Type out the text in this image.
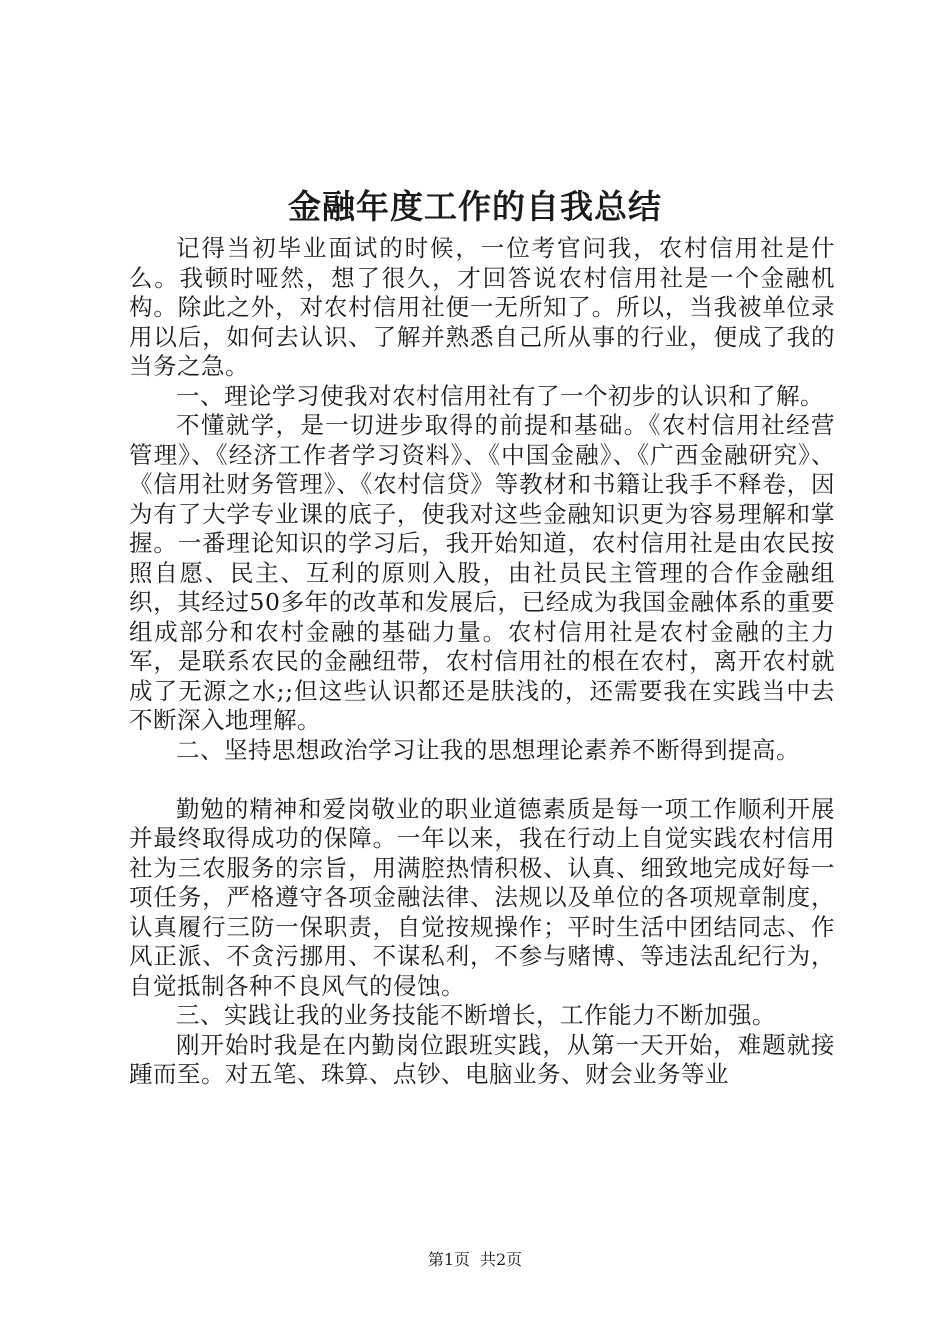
金融年度工作的自我总结

记得当初毕业面试的时候，一位考官问我，农村信用社是什么。我顿时哑然，想了很久，才回答说农村信用社是一个金融机构。除此之外，对农村信用社便一无所知了。所以，当我被单位录用以后，如何去认识、了解并熟悉自己所从事的行业，便成了我的当务之急。

一、理论学习使我对农村信用社有了一个初步的认识和了解。

不懂就学，是一切进步取得的前提和基础。《农村信用社经营管理》、《经济工作者学习资料》、《中国金融》、《广西金融研究》、《信用社财务管理》、《农村信贷》等教材和书籍让我手不释卷，因为有了大学专业课的底子，使我对这些金融知识更为容易理解和掌握。一番理论知识的学习后，我开始知道，农村信用社是由农民按照自愿、民主、互利的原则入股，由社员民主管理的合作金融组织，其经过50多年的改革和发展后，已经成为我国金融体系的重要组成部分和农村金融的基础力量。农村信用社是农村金融的主力军，是联系农民的金融纽带，农村信用社的根在农村，离开农村就成了无源之水;;但这些认识都还是肤浅的，还需要我在实践当中去不断深入地理解。

二、坚持思想政治学习让我的思想理论素养不断得到提高。

勤勉的精神和爱岗敬业的职业道德素质是每一项工作顺利开展并最终取得成功的保障。一年以来，我在行动上自觉实践农村信用社为三农服务的宗旨，用满腔热情积极、认真、细致地完成好每一项任务，严格遵守各项金融法律、法规以及单位的各项规章制度，认真履行三防一保职责，自觉按规操作；平时生活中团结同志、作风正派、不贪污挪用、不谋私利，不参与赌博、等违法乱纪行为，自觉抵制各种不良风气的侵蚀。

三、实践让我的业务技能不断增长，工作能力不断加强。

刚开始时我是在内勤岗位跟班实践，从第一天开始，难题就接踵而至。对五笔、珠算、点钞、电脑业务、财会业务等业

第1页 共2页
